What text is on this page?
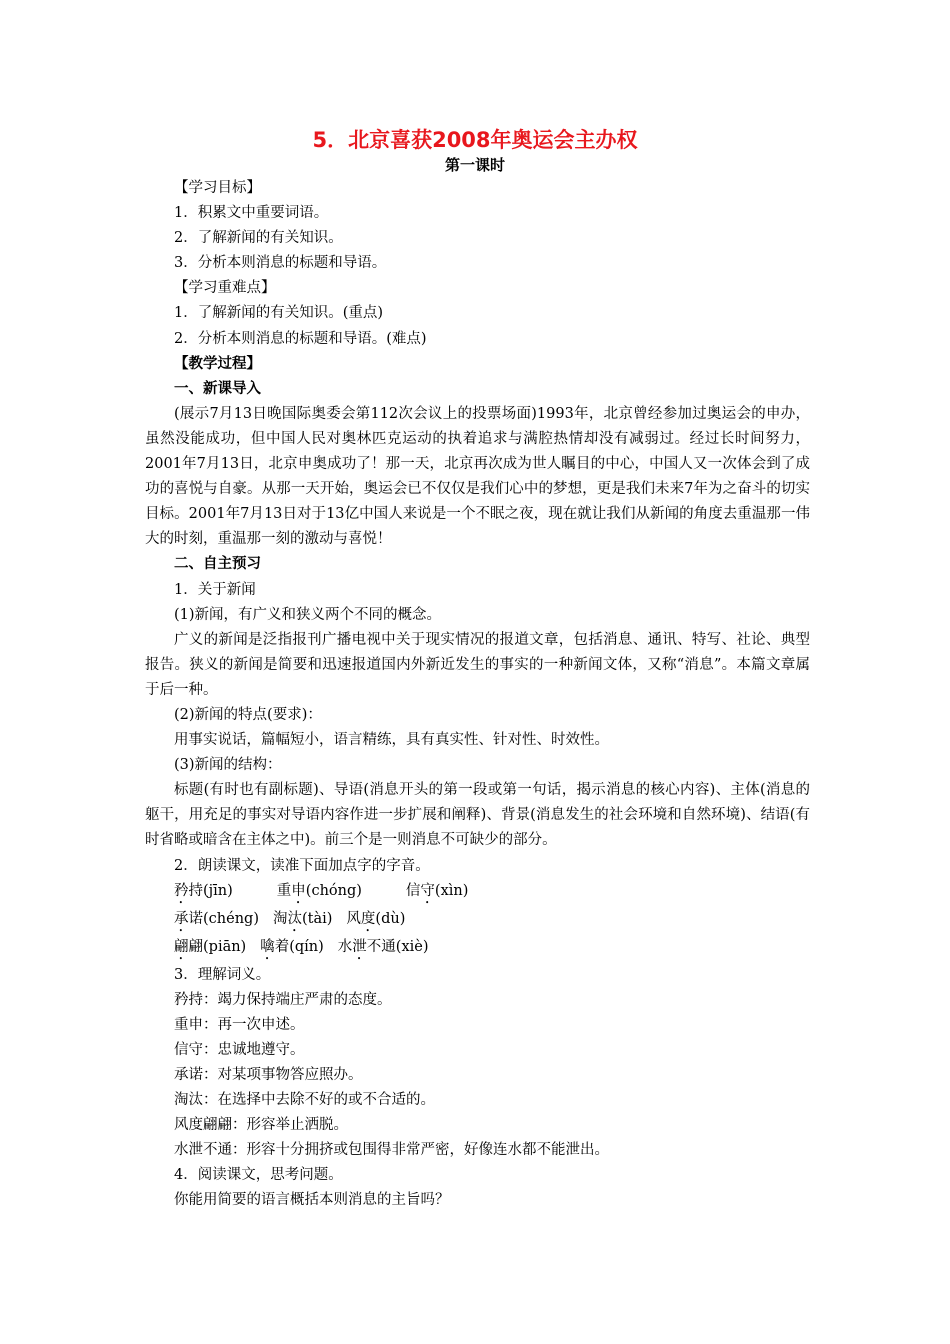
5．北京喜获2008年奥运会主办权
第一课时
【学习目标】
1．积累文中重要词语。
2．了解新闻的有关知识。
3．分析本则消息的标题和导语。
【学习重难点】
1．了解新闻的有关知识。(重点)
2．分析本则消息的标题和导语。(难点)
【教学过程】
一、新课导入
(展示7月13日晚国际奥委会第112次会议上的投票场面)1993年，北京曾经参加过奥运会的申办，虽然没能成功，但中国人民对奥林匹克运动的执着追求与满腔热情却没有减弱过。经过长时间努力，2001年7月13日，北京申奥成功了！那一天，北京再次成为世人瞩目的中心，中国人又一次体会到了成功的喜悦与自豪。从那一天开始，奥运会已不仅仅是我们心中的梦想，更是我们未来7年为之奋斗的切实目标。2001年7月13日对于13亿中国人来说是一个不眠之夜，现在就让我们从新闻的角度去重温那一伟大的时刻，重温那一刻的激动与喜悦！
二、自主预习
1．关于新闻
(1)新闻，有广义和狭义两个不同的概念。
广义的新闻是泛指报刊广播电视中关于现实情况的报道文章，包括消息、通讯、特写、社论、典型报告。狭义的新闻是简要和迅速报道国内外新近发生的事实的一种新闻文体，又称“消息”。本篇文章属于后一种。
(2)新闻的特点(要求)：
用事实说话，篇幅短小，语言精练，具有真实性、针对性、时效性。
(3)新闻的结构：
标题(有时也有副标题)、导语(消息开头的第一段或第一句话，揭示消息的核心内容)、主体(消息的躯干，用充足的事实对导语内容作进一步扩展和阐释)、背景(消息发生的社会环境和自然环境)、结语(有时省略或暗含在主体之中)。前三个是一则消息不可缺少的部分。
2．朗读课文，读准下面加点字的字音。
矜持(jīn)	重申(chóng)	信守(xìn)
承诺(chéng) 淘汰(tài) 风度(dù)
翩翩(piān) 噙着(qín) 水泄不通(xiè)
3．理解词义。
矜持：竭力保持端庄严肃的态度。
重申：再一次申述。
信守：忠诚地遵守。
承诺：对某项事物答应照办。
淘汰：在选择中去除不好的或不合适的。
风度翩翩：形容举止洒脱。
水泄不通：形容十分拥挤或包围得非常严密，好像连水都不能泄出。
4．阅读课文，思考问题。
你能用简要的语言概括本则消息的主旨吗？
